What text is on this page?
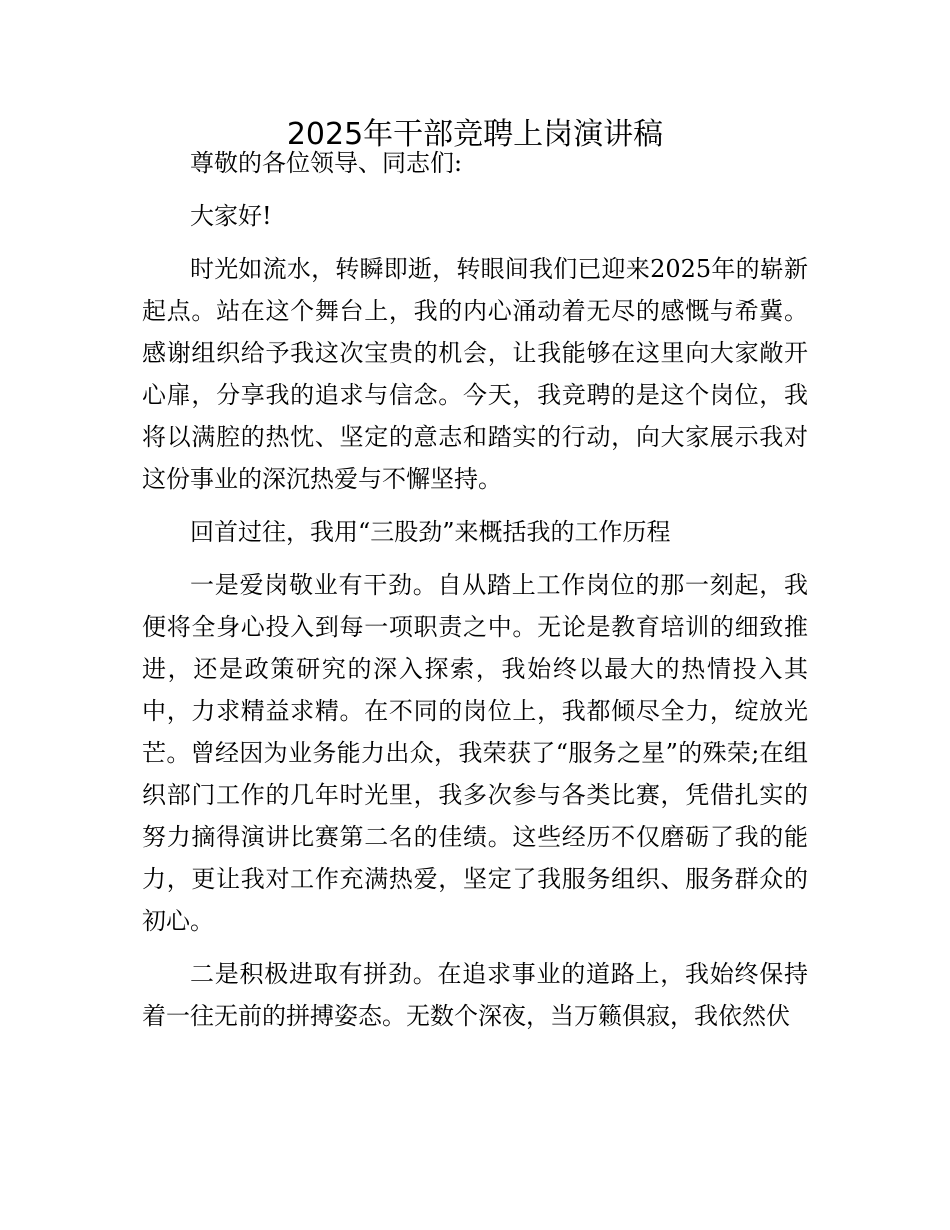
2025年干部竞聘上岗演讲稿

尊敬的各位领导、同志们:

大家好!

时光如流水，转瞬即逝，转眼间我们已迎来2025年的崭新起点。站在这个舞台上，我的内心涌动着无尽的感慨与希冀。感谢组织给予我这次宝贵的机会，让我能够在这里向大家敞开心扉，分享我的追求与信念。今天，我竞聘的是这个岗位，我将以满腔的热忱、坚定的意志和踏实的行动，向大家展示我对这份事业的深沉热爱与不懈坚持。

回首过往，我用“三股劲”来概括我的工作历程

一是爱岗敬业有干劲。自从踏上工作岗位的那一刻起，我便将全身心投入到每一项职责之中。无论是教育培训的细致推进，还是政策研究的深入探索，我始终以最大的热情投入其中，力求精益求精。在不同的岗位上，我都倾尽全力，绽放光芒。曾经因为业务能力出众，我荣获了“服务之星”的殊荣;在组织部门工作的几年时光里，我多次参与各类比赛，凭借扎实的努力摘得演讲比赛第二名的佳绩。这些经历不仅磨砺了我的能力，更让我对工作充满热爱，坚定了我服务组织、服务群众的初心。

二是积极进取有拼劲。在追求事业的道路上，我始终保持着一往无前的拼搏姿态。无数个深夜，当万籁俱寂，我依然伏
